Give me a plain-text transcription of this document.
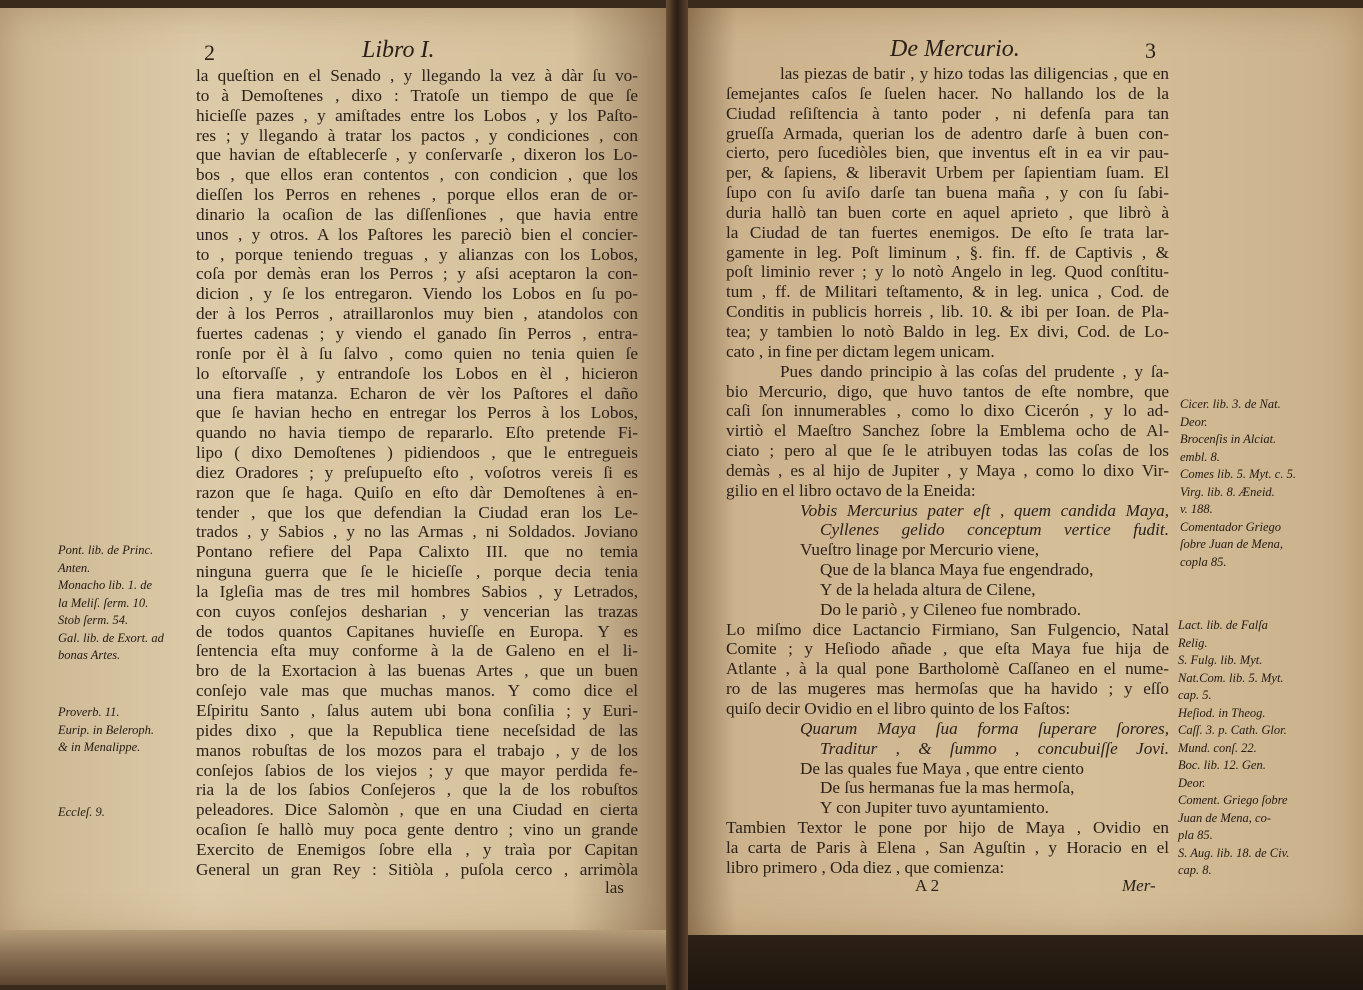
2	Libro I.
la queſtion en el Senado , y llegando la vez à dàr ſu vo-
to à Demoſtenes , dixo : Tratoſe un tiempo de que ſe
hicieſſe pazes , y amiſtades entre los Lobos , y los Paſto-
res ; y llegando à tratar los pactos , y condiciones , con
que havian de eſtablecerſe , y conſervarſe , dixeron los Lo-
bos , que ellos eran contentos , con condicion , que los
dieſſen los Perros en rehenes , porque ellos eran de or-
dinario la ocaſion de las diſſenſiones , que havia entre
unos , y otros. A los Paſtores les pareciò bien el concier-
to , porque teniendo treguas , y alianzas con los Lobos,
coſa por demàs eran los Perros ; y aſsi aceptaron la con-
dicion , y ſe los entregaron. Viendo los Lobos en ſu po-
der à los Perros , atraillaronlos muy bien , atandolos con
fuertes cadenas ; y viendo el ganado ſin Perros , entra-
ronſe por èl à ſu ſalvo , como quien no tenia quien ſe
lo eſtorvaſſe , y entrandoſe los Lobos en èl , hicieron
una fiera matanza. Echaron de vèr los Paſtores el daño
que ſe havian hecho en entregar los Perros à los Lobos,
quando no havia tiempo de repararlo. Eſto pretende Fi-
lipo ( dixo Demoſtenes ) pidiendoos , que le entregueis
diez Oradores ; y preſupueſto eſto , voſotros vereis ſi es
razon que ſe haga. Quiſo en eſto dàr Demoſtenes à en-
tender , que los que defendian la Ciudad eran los Le-
trados , y Sabios , y no las Armas , ni Soldados. Joviano
Pontano refiere del Papa Calixto III. que no temia
ninguna guerra que ſe le hicieſſe , porque decia tenia
la Igleſia mas de tres mil hombres Sabios , y Letrados,
con cuyos conſejos desharian , y vencerian las trazas
de todos quantos Capitanes huvieſſe en Europa. Y es
ſentencia eſta muy conforme à la de Galeno en el li-
bro de la Exortacion à las buenas Artes , que un buen
conſejo vale mas que muchas manos. Y como dice el
Eſpiritu Santo , ſalus autem ubi bona conſilia ; y Euri-
pides dixo , que la Republica tiene neceſsidad de las
manos robuſtas de los mozos para el trabajo , y de los
conſejos ſabios de los viejos ; y que mayor perdida fe-
ria la de los ſabios Conſejeros , que la de los robuſtos
peleadores. Dice Salomòn , que en una Ciudad en cierta
ocaſion ſe hallò muy poca gente dentro ; vino un grande
Exercito de Enemigos ſobre ella , y traìa por Capitan
General un gran Rey : Sitiòla , puſola cerco , arrimòla
las
Pont. lib. de Princ.
Anten.
Monacho lib. 1. de
la Meliſ. ſerm. 10.
Stob ſerm. 54.
Gal. lib. de Exort. ad
bonas Artes.
Proverb. 11.
Eurip. in Beleroph.
& in Menalippe.
Eccleſ. 9.
De Mercurio.	3
las piezas de batir , y hizo todas las diligencias , que en
ſemejantes caſos ſe ſuelen hacer. No hallando los de la
Ciudad reſiſtencia à tanto poder , ni defenſa para tan
grueſſa Armada, querian los de adentro darſe à buen con-
cierto, pero ſucediòles bien, que inventus eſt in ea vir pau-
per, & ſapiens, & liberavit Urbem per ſapientiam ſuam. El
ſupo con ſu aviſo darſe tan buena maña , y con ſu ſabi-
duria hallò tan buen corte en aquel aprieto , que librò à
la Ciudad de tan fuertes enemigos. De eſto ſe trata lar-
gamente in leg. Poſt liminum , §. fin. ff. de Captivis , &
poſt liminio rever ; y lo notò Angelo in leg. Quod conſtitu-
tum , ff. de Militari teſtamento, & in leg. unica , Cod. de
Conditis in publicis horreis , lib. 10. & ibi per Ioan. de Pla-
tea; y tambien lo notò Baldo in leg. Ex divi, Cod. de Lo-
cato , in fine per dictam legem unicam.
Pues dando principio à las coſas del prudente , y ſa-
bio Mercurio, digo, que huvo tantos de eſte nombre, que
caſi ſon innumerables , como lo dixo Cicerón , y lo ad-
virtiò el Maeſtro Sanchez ſobre la Emblema ocho de Al-
ciato ; pero al que ſe le atribuyen todas las coſas de los
demàs , es al hijo de Jupiter , y Maya , como lo dixo Vir-
gilio en el libro octavo de la Eneida:
Vobis Mercurius pater eſt , quem candida Maya,
Cyllenes gelido conceptum vertice fudit.
Vueſtro linage por Mercurio viene,
Que de la blanca Maya fue engendrado,
Y de la helada altura de Cilene,
Do le pariò , y Cileneo fue nombrado.
Lo miſmo dice Lactancio Firmiano, San Fulgencio, Natal
Comite ; y Heſiodo añade , que eſta Maya fue hija de
Atlante , à la qual pone Bartholomè Caſſaneo en el nume-
ro de las mugeres mas hermoſas que ha havido ; y eſſo
quiſo decir Ovidio en el libro quinto de los Faſtos:
Quarum Maya ſua forma ſuperare ſorores,
Traditur , & ſummo , concubuiſſe Jovi.
De las quales fue Maya , que entre ciento
De ſus hermanas fue la mas hermoſa,
Y con Jupiter tuvo ayuntamiento.
Tambien Textor le pone por hijo de Maya , Ovidio en
la carta de Paris à Elena , San Aguſtin , y Horacio en el
libro primero , Oda diez , que comienza:
A 2	Mer-
Cicer. lib. 3. de Nat.
Deor.
Brocenſis in Alciat.
embl. 8.
Comes lib. 5. Myt. c. 5.
Virg. lib. 8. Æneid.
v. 188.
Comentador Griego
ſobre Juan de Mena,
copla 85.
Lact. lib. de Falſa
Relig.
S. Fulg. lib. Myt.
Nat.Com. lib. 5. Myt.
cap. 5.
Heſiod. in Theog.
Caſſ. 3. p. Cath. Glor.
Mund. conſ. 22.
Boc. lib. 12. Gen.
Deor.
Coment. Griego ſobre
Juan de Mena, co-
pla 85.
S. Aug. lib. 18. de Civ.
cap. 8.
